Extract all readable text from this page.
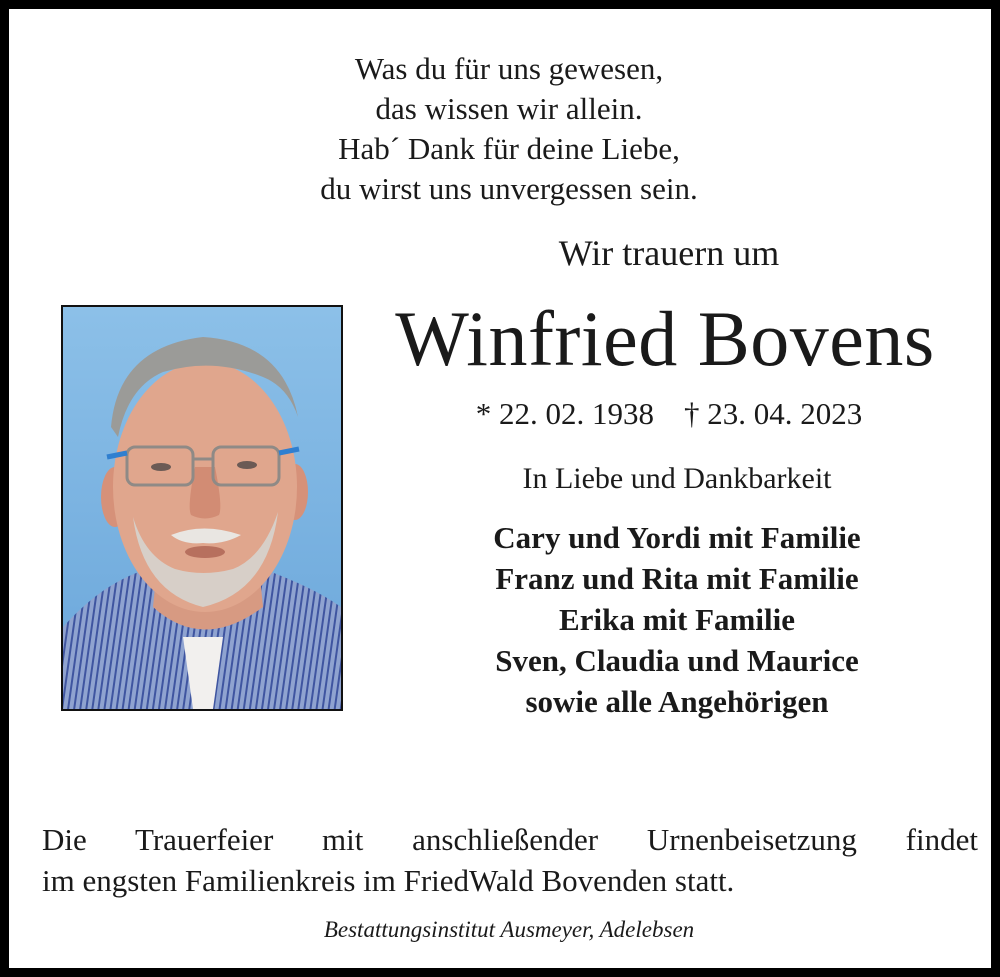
Was du für uns gewesen,
das wissen wir allein.
Hab´ Dank für deine Liebe,
du wirst uns unvergessen sein.
Wir trauern um
Winfried Bovens
* 22. 02. 1938 † 23. 04. 2023
In Liebe und Dankbarkeit
Cary und Yordi mit Familie
Franz und Rita mit Familie
Erika mit Familie
Sven, Claudia und Maurice
sowie alle Angehörigen
Die Trauerfeier mit anschließender Urnenbeisetzung findet
im engsten Familienkreis im FriedWald Bovenden statt.
Bestattungsinstitut Ausmeyer, Adelebsen
